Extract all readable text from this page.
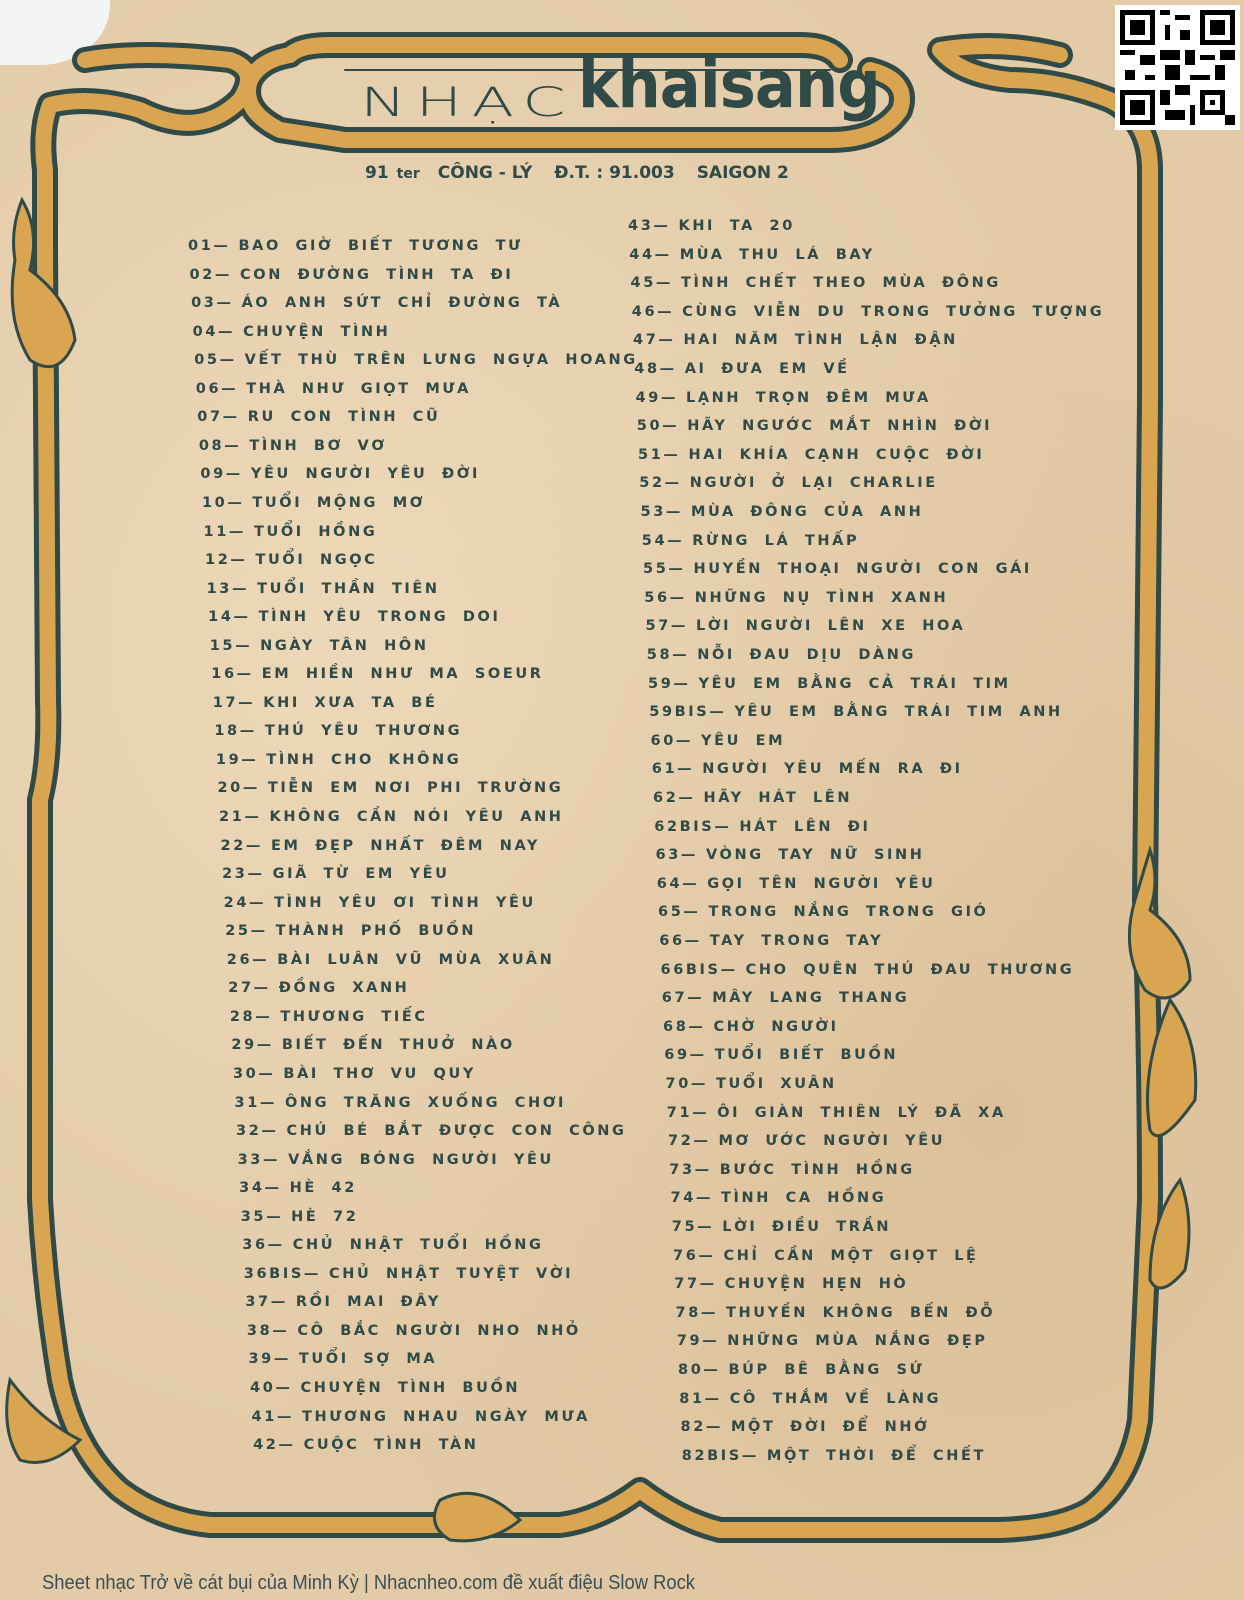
NHẠC khaisang
91 ter CÔNG - LÝ Đ.T. : 91.003 SAIGON 2
01— BAO GIỜ BIẾT TƯƠNG TƯ
02— CON ĐƯỜNG TÌNH TA ĐI
03— ÁO ANH SỨT CHỈ ĐƯỜNG TÀ
04— CHUYỆN TÌNH
05— VẾT THÙ TRÊN LƯNG NGỰA HOANG
06— THÀ NHƯ GIỌT MƯA
07— RU CON TÌNH CŨ
08— TÌNH BƠ VƠ
09— YÊU NGƯỜI YÊU ĐỜI
10— TUỔI MỘNG MƠ
11— TUỔI HỒNG
12— TUỔI NGỌC
13— TUỔI THẦN TIÊN
14— TÌNH YÊU TRONG DOI
15— NGÀY TÂN HÔN
16— EM HIỀN NHƯ MA SOEUR
17— KHI XƯA TA BÉ
18— THÚ YÊU THƯƠNG
19— TÌNH CHO KHÔNG
20— TIỄN EM NƠI PHI TRƯỜNG
21— KHÔNG CẦN NÓI YÊU ANH
22— EM ĐẸP NHẤT ĐÊM NAY
23— GIÃ TỪ EM YÊU
24— TÌNH YÊU ƠI TÌNH YÊU
25— THÀNH PHỐ BUỒN
26— BÀI LUÂN VŨ MÙA XUÂN
27— ĐỒNG XANH
28— THƯƠNG TIẾC
29— BIẾT ĐẾN THUỞ NÀO
30— BÀI THƠ VU QUY
31— ÔNG TRĂNG XUỐNG CHƠI
32— CHÚ BÉ BẮT ĐƯỢC CON CÔNG
33— VẮNG BÓNG NGƯỜI YÊU
34— HÈ 42
35— HÈ 72
36— CHỦ NHẬT TUỔI HỒNG
36BIS— CHỦ NHẬT TUYỆT VỜI
37— RỒI MAI ĐÂY
38— CÔ BẮC NGƯỜI NHO NHỎ
39— TUỔI SỢ MA
40— CHUYỆN TÌNH BUỒN
41— THƯƠNG NHAU NGÀY MƯA
42— CUỘC TÌNH TÀN
43— KHI TA 20
44— MÙA THU LÁ BAY
45— TÌNH CHẾT THEO MÙA ĐÔNG
46— CÙNG VIỄN DU TRONG TƯỞNG TƯỢNG
47— HAI NĂM TÌNH LẬN ĐẬN
48— AI ĐƯA EM VỀ
49— LẠNH TRỌN ĐÊM MƯA
50— HÃY NGƯỚC MẮT NHÌN ĐỜI
51— HAI KHÍA CẠNH CUỘC ĐỜI
52— NGƯỜI Ở LẠI CHARLIE
53— MÙA ĐÔNG CỦA ANH
54— RỪNG LÁ THẤP
55— HUYỀN THOẠI NGƯỜI CON GÁI
56— NHỮNG NỤ TÌNH XANH
57— LỜI NGƯỜI LÊN XE HOA
58— NỖI ĐAU DỊU DÀNG
59— YÊU EM BẰNG CẢ TRÁI TIM
59BIS— YÊU EM BẰNG TRÁI TIM ANH
60— YÊU EM
61— NGƯỜI YÊU MẾN RA ĐI
62— HÃY HÁT LÊN
62BIS— HÁT LÊN ĐI
63— VÒNG TAY NỮ SINH
64— GỌI TÊN NGƯỜI YÊU
65— TRONG NẮNG TRONG GIÓ
66— TAY TRONG TAY
66BIS— CHO QUÊN THÚ ĐAU THƯƠNG
67— MÂY LANG THANG
68— CHỜ NGƯỜI
69— TUỔI BIẾT BUỒN
70— TUỔI XUÂN
71— ÔI GIÀN THIÊN LÝ ĐÃ XA
72— MƠ ƯỚC NGƯỜI YÊU
73— BƯỚC TÌNH HỒNG
74— TÌNH CA HỒNG
75— LỜI ĐIỀU TRẦN
76— CHỈ CẦN MỘT GIỌT LỆ
77— CHUYỆN HẸN HÒ
78— THUYỀN KHÔNG BẾN ĐỖ
79— NHỮNG MÙA NẮNG ĐẸP
80— BÚP BÊ BẰNG SỨ
81— CÔ THẮM VỀ LÀNG
82— MỘT ĐỜI ĐỂ NHỚ
82BIS— MỘT THỜI ĐỂ CHẾT
Sheet nhạc Trở về cát bụi của Minh Kỳ | Nhacnheo.com đề xuất điệu Slow Rock
